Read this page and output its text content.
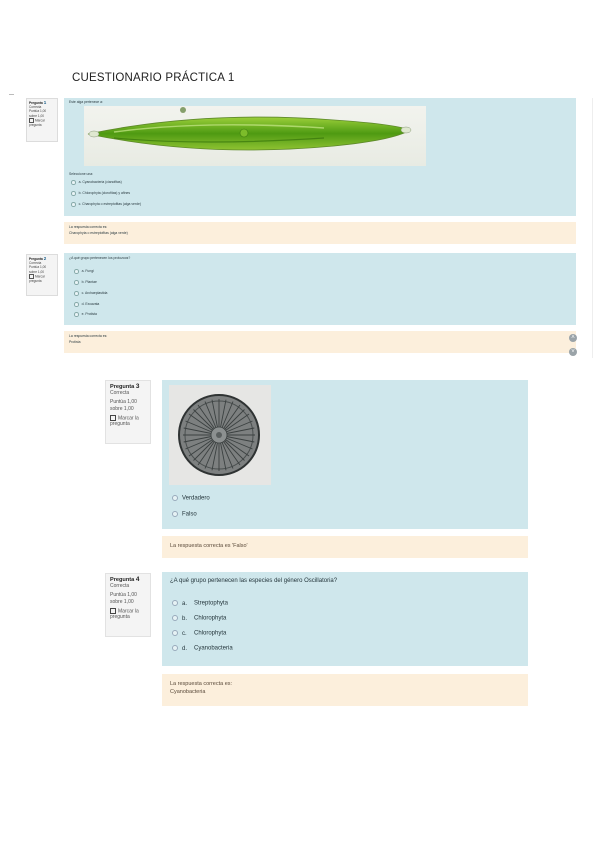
CUESTIONARIO PRÁCTICA 1
Pregunta 1
Correcta
Puntúa 1,00 sobre 1,00
Marcar pregunta
Este alga pertenece a:
Seleccione una:
a. Cyanobacteria (cianofitas)
b. Chlorophyta (clorofitas) y afines
c. Charophyta o estreptofitas (alga verde)
La respuesta correcta es:
Charophyta o estreptofitas (alga verde)
Pregunta 2
Correcta
Puntúa 1,00 sobre 1,00
Marcar pregunta
¿A qué grupo pertenecen los protozoos?
a. Fungi
b. Plantae
c. Archaeplastida
d. Excavata
e. Protista
La respuesta correcta es:
Protista
˄
˅
Pregunta 3
Correcta
Puntúa 1,00 sobre 1,00
Marcar la pregunta
Verdadero
Falso
La respuesta correcta es 'Falso'
Pregunta 4
Correcta
Puntúa 1,00 sobre 1,00
Marcar la pregunta
¿A qué grupo pertenecen las especies del género Oscillatoria?
a. Streptophyta
b. Chlorophyta
c. Chlorophyta
d. Cyanobacteria
La respuesta correcta es:
Cyanobacteria
